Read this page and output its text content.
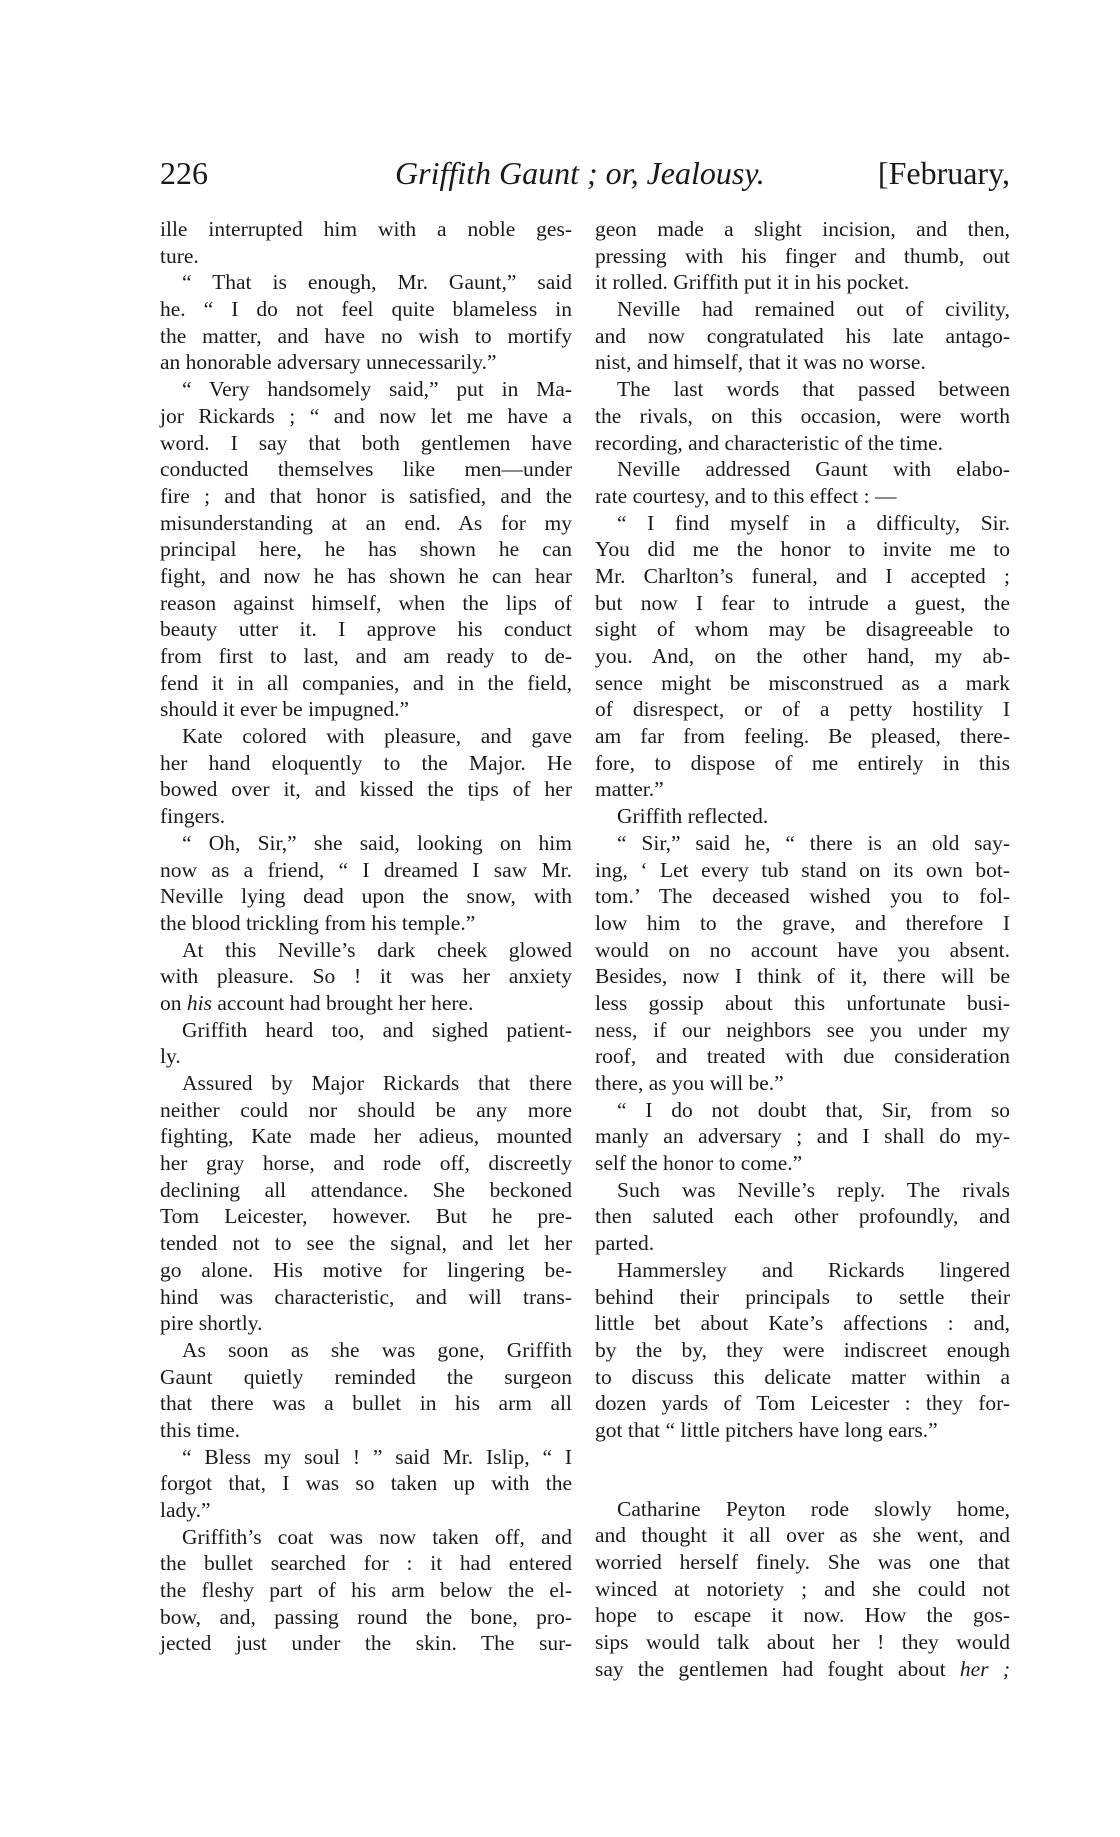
226	Griffith Gaunt ; or, Jealousy.	[February,
ille interrupted him with a noble ges-
ture.
“ That is enough, Mr. Gaunt,” said
he. “ I do not feel quite blameless in
the matter, and have no wish to mortify
an honorable adversary unnecessarily.”
“ Very handsomely said,” put in Ma-
jor Rickards ; “ and now let me have a
word. I say that both gentlemen have
conducted themselves like men—under
fire ; and that honor is satisfied, and the
misunderstanding at an end. As for my
principal here, he has shown he can
fight, and now he has shown he can hear
reason against himself, when the lips of
beauty utter it. I approve his conduct
from first to last, and am ready to de-
fend it in all companies, and in the field,
should it ever be impugned.”
Kate colored with pleasure, and gave
her hand eloquently to the Major. He
bowed over it, and kissed the tips of her
fingers.
“ Oh, Sir,” she said, looking on him
now as a friend, “ I dreamed I saw Mr.
Neville lying dead upon the snow, with
the blood trickling from his temple.”
At this Neville’s dark cheek glowed
with pleasure. So ! it was her anxiety
on his account had brought her here.
Griffith heard too, and sighed patient-
ly.
Assured by Major Rickards that there
neither could nor should be any more
fighting, Kate made her adieus, mounted
her gray horse, and rode off, discreetly
declining all attendance. She beckoned
Tom Leicester, however. But he pre-
tended not to see the signal, and let her
go alone. His motive for lingering be-
hind was characteristic, and will trans-
pire shortly.
As soon as she was gone, Griffith
Gaunt quietly reminded the surgeon
that there was a bullet in his arm all
this time.
“ Bless my soul ! ” said Mr. Islip, “ I
forgot that, I was so taken up with the
lady.”
Griffith’s coat was now taken off, and
the bullet searched for : it had entered
the fleshy part of his arm below the el-
bow, and, passing round the bone, pro-
jected just under the skin. The sur-
geon made a slight incision, and then,
pressing with his finger and thumb, out
it rolled. Griffith put it in his pocket.
Neville had remained out of civility,
and now congratulated his late antago-
nist, and himself, that it was no worse.
The last words that passed between
the rivals, on this occasion, were worth
recording, and characteristic of the time.
Neville addressed Gaunt with elabo-
rate courtesy, and to this effect : —
“ I find myself in a difficulty, Sir.
You did me the honor to invite me to
Mr. Charlton’s funeral, and I accepted ;
but now I fear to intrude a guest, the
sight of whom may be disagreeable to
you. And, on the other hand, my ab-
sence might be misconstrued as a mark
of disrespect, or of a petty hostility I
am far from feeling. Be pleased, there-
fore, to dispose of me entirely in this
matter.”
Griffith reflected.
“ Sir,” said he, “ there is an old say-
ing, ‘ Let every tub stand on its own bot-
tom.’ The deceased wished you to fol-
low him to the grave, and therefore I
would on no account have you absent.
Besides, now I think of it, there will be
less gossip about this unfortunate busi-
ness, if our neighbors see you under my
roof, and treated with due consideration
there, as you will be.”
“ I do not doubt that, Sir, from so
manly an adversary ; and I shall do my-
self the honor to come.”
Such was Neville’s reply. The rivals
then saluted each other profoundly, and
parted.
Hammersley and Rickards lingered
behind their principals to settle their
little bet about Kate’s affections : and,
by the by, they were indiscreet enough
to discuss this delicate matter within a
dozen yards of Tom Leicester : they for-
got that “ little pitchers have long ears.”
Catharine Peyton rode slowly home,
and thought it all over as she went, and
worried herself finely. She was one that
winced at notoriety ; and she could not
hope to escape it now. How the gos-
sips would talk about her ! they would
say the gentlemen had fought about her ;
